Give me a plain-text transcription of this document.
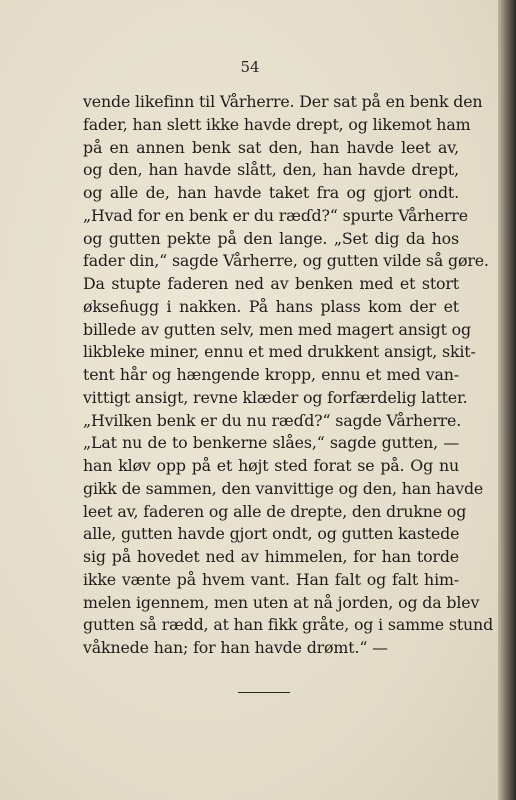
54
vende likefinn til Vårherre. Der sat på en benk den
fader, han slett ikke havde drept, og likemot ham
på en annen benk sat den, han havde leet av,
og den, han havde slått, den, han havde drept,
og alle de, han havde taket fra og gjort ondt.
„Hvad for en benk er du ræɗd?“ spurte Vårherre
og gutten pekte på den lange. „Set dig da hos
fader din,“ sagde Vårherre, og gutten vilde så gøre.
Da stupte faderen ned av benken med et stort
økseɦugg i nakken. På hans plass kom der et
billede av gutten selv, men med magert ansigt og
likbleke miner, ennu et med drukkent ansigt, skit-
tent hår og hængende kropp, ennu et med van-
vittigt ansigt, revne klæder og forfærdelig latter.
„Hvilken benk er du nu ræɗd?“ sagde Vårherre.
„Lat nu de to benkerne slåes,“ sagde gutten, —
han kløv opp på et højt sted forat se på. Og nu
gikk de sammen, den vanvittige og den, han havde
leet av, faderen og alle de drepte, den drukne og
alle, gutten havde gjort ondt, og gutten kastede
sig på hovedet ned av himmelen, for han torde
ikke vænte på hvem vant. Han falt og falt him-
melen igennem, men uten at nå jorden, og da blev
gutten så rædd, at han fikk gråte, og i samme stund
våknede han; for han havde drømt.“ —
